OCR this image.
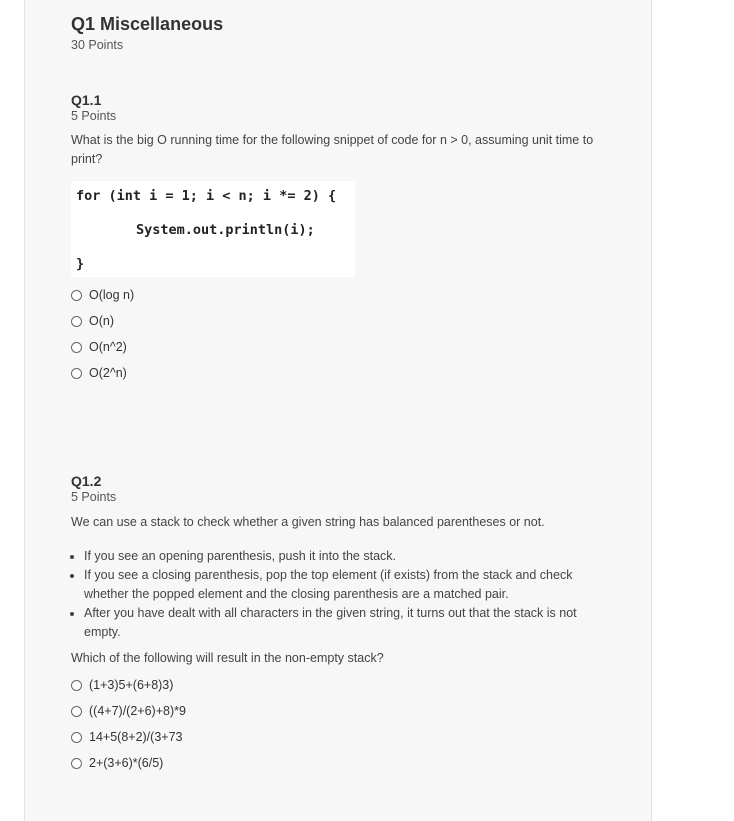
Q1 Miscellaneous
30 Points
Q1.1
5 Points

What is the big O running time for the following snippet of code for n > 0, assuming unit time to print?

for (int i = 1; i < n; i *= 2) {
System.out.println(i);
}
O(log n)
O(n)
O(n^2)
O(2^n)
Q1.2
5 Points

We can use a stack to check whether a given string has balanced parentheses or not.

• If you see an opening parenthesis, push it into the stack.
• If you see a closing parenthesis, pop the top element (if exists) from the stack and check whether the popped element and the closing parenthesis are a matched pair.
• After you have dealt with all characters in the given string, it turns out that the stack is not empty.

Which of the following will result in the non-empty stack?

(1+3)5+(6+8)3)
((4+7)/(2+6)+8)*9
14+5(8+2)/(3+73
2+(3+6)*(6/5)
